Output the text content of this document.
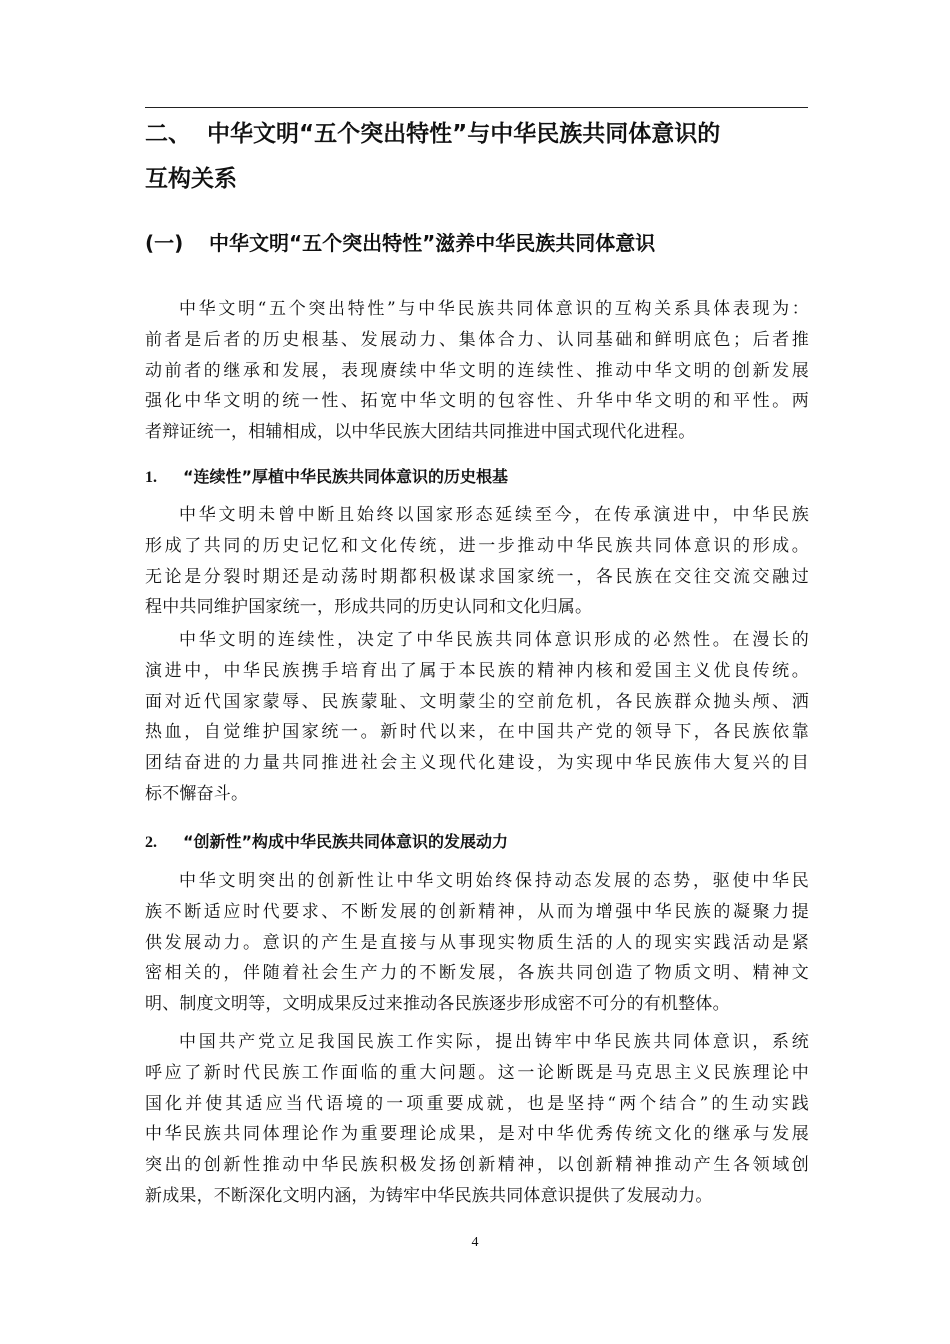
二、 中华文明“五个突出特性”与中华民族共同体意识的
互构关系
(一) 中华文明“五个突出特性”滋养中华民族共同体意识
中华文明“五个突出特性”与中华民族共同体意识的互构关系具体表现为：
前者是后者的历史根基、发展动力、集体合力、认同基础和鲜明底色；后者推
动前者的继承和发展，表现赓续中华文明的连续性、推动中华文明的创新发展
强化中华文明的统一性、拓宽中华文明的包容性、升华中华文明的和平性。两
者辩证统一，相辅相成，以中华民族大团结共同推进中国式现代化进程。
1. “连续性”厚植中华民族共同体意识的历史根基
中华文明未曾中断且始终以国家形态延续至今，在传承演进中，中华民族
形成了共同的历史记忆和文化传统，进一步推动中华民族共同体意识的形成。
无论是分裂时期还是动荡时期都积极谋求国家统一，各民族在交往交流交融过
程中共同维护国家统一，形成共同的历史认同和文化归属。
中华文明的连续性，决定了中华民族共同体意识形成的必然性。在漫长的
演进中，中华民族携手培育出了属于本民族的精神内核和爱国主义优良传统。
面对近代国家蒙辱、民族蒙耻、文明蒙尘的空前危机，各民族群众抛头颅、洒
热血，自觉维护国家统一。新时代以来，在中国共产党的领导下，各民族依靠
团结奋进的力量共同推进社会主义现代化建设，为实现中华民族伟大复兴的目
标不懈奋斗。
2. “创新性”构成中华民族共同体意识的发展动力
中华文明突出的创新性让中华文明始终保持动态发展的态势，驱使中华民
族不断适应时代要求、不断发展的创新精神，从而为增强中华民族的凝聚力提
供发展动力。意识的产生是直接与从事现实物质生活的人的现实实践活动是紧
密相关的，伴随着社会生产力的不断发展，各族共同创造了物质文明、精神文
明、制度文明等，文明成果反过来推动各民族逐步形成密不可分的有机整体。
中国共产党立足我国民族工作实际，提出铸牢中华民族共同体意识，系统
呼应了新时代民族工作面临的重大问题。这一论断既是马克思主义民族理论中
国化并使其适应当代语境的一项重要成就，也是坚持“两个结合”的生动实践
中华民族共同体理论作为重要理论成果，是对中华优秀传统文化的继承与发展
突出的创新性推动中华民族积极发扬创新精神，以创新精神推动产生各领域创
新成果，不断深化文明内涵，为铸牢中华民族共同体意识提供了发展动力。
4
